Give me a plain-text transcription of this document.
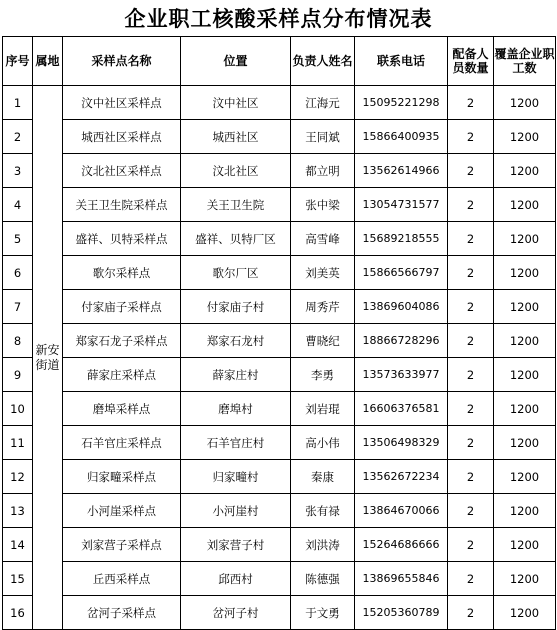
企业职工核酸采样点分布情况表
序号	属地	采样点名称	位置	负责人姓名	联系电话	配备人员数量	覆盖企业职工数
1	新安街道	汶中社区采样点	汶中社区	江海元	15095221298	2	1200
2		城西社区采样点	城西社区	王同斌	15866400935	2	1200
3		汶北社区采样点	汶北社区	都立明	13562614966	2	1200
4		关王卫生院采样点	关王卫生院	张中梁	13054731577	2	1200
5		盛祥、贝特采样点	盛祥、贝特厂区	高雪峰	15689218555	2	1200
6		歌尔采样点	歌尔厂区	刘美英	15866566797	2	1200
7		付家庙子采样点	付家庙子村	周秀芹	13869604086	2	1200
8		郑家石龙子采样点	郑家石龙村	曹晓纪	18866728296	2	1200
9		薛家庄采样点	薛家庄村	李勇	13573633977	2	1200
10		磨埠采样点	磨埠村	刘岩琨	16606376581	2	1200
11		石羊官庄采样点	石羊官庄村	高小伟	13506498329	2	1200
12		归家疃采样点	归家疃村	秦康	13562672234	2	1200
13		小河崖采样点	小河崖村	张有禄	13864670066	2	1200
14		刘家营子采样点	刘家营子村	刘洪涛	15264686666	2	1200
15		丘西采样点	邱西村	陈德强	13869655846	2	1200
16		岔河子采样点	岔河子村	于文勇	15205360789	2	1200
